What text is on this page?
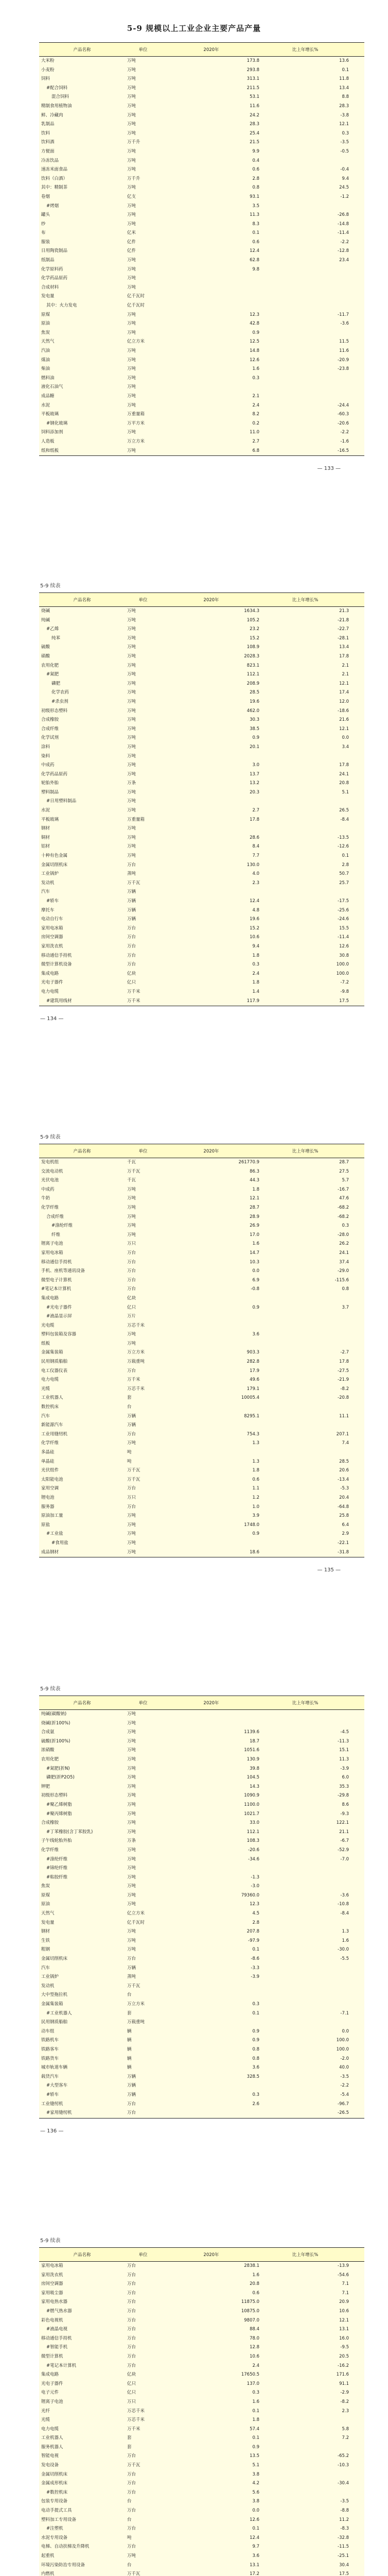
5-9 规模以上工业企业主要产品产量
产品名称	单位	2020年	比上年增长%
大米粉	万吨	173.8	13.6
小麦粉	万吨	293.8	0.1
饲料	万吨	313.1	11.8
#配合饲料	万吨	211.5	13.4
混合饲料	万吨	53.1	8.8
精制食用植物油	万吨	11.6	28.3
鲜、冷藏肉	万吨	24.2	-3.8
乳制品	万吨	28.3	12.1
饮料	万吨	25.4	0.3
饮料酒	万千升	21.5	-3.5
方便面	万吨	9.9	-0.5
冷冻饮品	万吨	0.4	
速冻米面食品	万吨	0.6	-0.4
饮料（白酒）	万千升	2.8	9.4
其中：精制茶	万吨	0.8	24.5
卷烟	亿支	93.1	-1.2
#烤烟	万吨	3.5	
罐头	万吨	11.3	-26.8
纱	万吨	8.3	-14.8
布	亿米	0.1	-11.4
服装	亿件	0.6	-2.2
日用陶瓷制品	亿件	12.4	-12.8
纸制品	万吨	62.8	23.4
化学原料药	万吨	9.8	
化学药品原药	万吨		
合成材料	万吨		
发电量	亿千瓦时		
其中：火力发电	亿千瓦时		
原煤	万吨	12.3	-11.7
原油	万吨	42.8	-3.6
焦炭	万吨	0.9	
天然气	亿立方米	12.5	11.5
汽油	万吨	14.8	11.6
煤油	万吨	12.6	-20.9
柴油	万吨	1.6	-23.8
燃料油	万吨	0.3	
液化石油气	万吨		
成品糖	万吨	2.1	
水泥	万吨	2.4	-24.4
平板玻璃	万重量箱	8.2	-60.3
#钢化玻璃	万平方米	0.2	-20.6
饲料添加剂	万吨	11.0	-2.2
人造板	万立方米	2.7	-1.6
纸和纸板	万吨	6.8	-16.5
— 133 —
5-9 续表
产品名称	单位	2020年	比上年增长%
烧碱	万吨	1634.3	21.3
纯碱	万吨	105.2	-21.8
#乙烯	万吨	23.2	-22.7
纯苯	万吨	15.2	-28.1
硫酸	万吨	108.9	13.4
硝酸	万吨	2028.3	17.8
农用化肥	万吨	823.1	2.1
#氮肥	万吨	112.1	2.1
磷肥	万吨	208.9	12.1
化学农药	万吨	28.5	17.4
#杀虫剂	万吨	19.6	12.0
初级形态塑料	万吨	462.0	-18.6
合成橡胶	万吨	30.3	21.6
合成纤维	万吨	38.5	12.1
化学试剂	万吨	0.9	0.0
涂料	万吨	20.1	3.4
染料	万吨		
中成药	万吨	3.0	17.8
化学药品原药	万吨	13.7	24.1
轮胎外胎	万条	13.2	20.8
塑料制品	万吨	20.3	5.1
#日用塑料制品	万吨		
水泥	万吨	2.7	26.5
平板玻璃	万重量箱	17.8	-8.4
钢材	万吨		
铜材	万吨	28.6	-13.5
铝材	万吨	8.4	-12.6
十种有色金属	万吨	7.7	0.1
金属切削机床	万台	130.0	2.8
工业锅炉	蒸吨	4.0	50.7
发动机	万千瓦	2.3	25.7
汽车	万辆		
#轿车	万辆	12.4	-17.5
摩托车	万辆	4.8	-25.6
电动自行车	万辆	19.6	-24.6
家用电冰箱	万台	15.2	15.5
房间空调器	万台	10.6	-11.4
家用洗衣机	万台	9.4	12.6
移动通信手持机	万台	1.8	30.8
微型计算机设备	万台	0.3	100.0
集成电路	亿块	2.4	100.0
光电子器件	亿只	1.8	-7.2
电力电缆	万千米	1.4	-9.8
#建筑用线材	万千米	117.9	17.5
— 134 —
5-9 续表
产品名称	单位	2020年	比上年增长%
发电机组	千瓦	261770.9	28.7
交流电动机	万千瓦	86.3	27.5
光伏电池	千瓦	44.3	5.7
中成药	万吨	1.8	-16.7
牛奶	万吨	12.1	47.6
化学纤维	万吨	28.7	-68.2
合成纤维	万吨	28.9	-68.2
#涤纶纤维	万吨	26.9	0.3
纤维	万吨	17.0	-28.0
锂离子电池	万只	1.6	26.2
家用电冰箱	万台	14.7	24.1
移动通信手持机	万台	10.3	37.4
手机、座机等通讯设备	万台	0.0	-29.0
微型电子计算机	万台	6.9	-115.6
#笔记本计算机	万台	-0.8	0.8
集成电路	亿块		
#光电子器件	亿只	0.9	3.7
#液晶显示屏	万片		
光电缆	万芯千米		
塑料包装箱及容器	万吨	3.6	
纸板	万吨		
金属集装箱	万立方米	903.3	-2.7
民用钢质船舶	万载重吨	282.8	17.8
电工仪器仪表	万台	17.9	-27.5
电力电缆	万千米	49.6	-21.9
光缆	万芯千米	179.1	-8.2
工业机器人	套	10005.4	-20.8
数控机床	台		
汽车	万辆	8295.1	11.1
新能源汽车	万辆		
工业用缝纫机	万台	754.3	207.1
化学纤维	万吨	1.3	7.4
多晶硅	吨		
单晶硅	吨	1.3	28.5
光伏组件	万千瓦	1.8	20.6
太阳能电池	万千瓦	0.6	-13.4
家用空调	万台	1.1	-5.3
锂电池	万只	1.2	20.4
服务器	万台	1.0	-64.8
原油加工量	万吨	3.9	25.8
原盐	万吨	1748.0	6.4
#工业盐	万吨	0.9	2.9
#食用盐	万吨		-22.1
成品钢材	万吨	18.6	-31.8
— 135 —
5-9 续表
产品名称	单位	2020年	比上年增长%
纯碱(碳酸钠)	万吨		
烧碱(折100%)	万吨		
合成氨	万吨	1139.6	-4.5
硫酸(折100%)	万吨	18.7	-11.3
浓硝酸	万吨	1051.6	15.1
农用化肥	万吨	130.9	11.3
#氮肥(折N)	万吨	39.8	-3.9
磷肥(折P2O5)	万吨	104.5	6.0
钾肥	万吨	14.3	35.3
初级形态塑料	万吨	1090.9	-29.8
#聚乙烯树脂	万吨	1100.0	8.6
#聚丙烯树脂	万吨	1021.7	-9.3
合成橡胶	万吨	33.0	122.1
#丁苯橡胶(含丁苯胶乳)	万吨	112.1	21.1
子午线轮胎外胎	万条	108.3	-6.7
化学纤维	万吨	-20.6	-52.9
#涤纶纤维	万吨	-34.6	-7.0
#锦纶纤维	万吨		
#粘胶纤维	万吨	-1.3	
焦炭	万吨	-3.0	
原煤	万吨	79360.0	-3.6
原油	万吨	12.3	-10.8
天然气	亿立方米	4.5	-8.4
发电量	亿千瓦时	2.8	
钢材	万吨	207.8	1.3
生铁	万吨	-97.9	1.6
粗钢	万吨	0.1	-30.0
金属切削机床	万台	-8.6	-5.5
汽车	万辆	-3.3	
工业锅炉	蒸吨	-3.9	
发动机	万千瓦		
大中型拖拉机	台		
金属集装箱	万立方米	0.3	
#工业机器人	套	0.1	-7.1
民用钢质船舶	万载重吨		
动车组	辆	0.9	0.0
铁路机车	辆	0.9	100.0
铁路客车	辆	0.8	100.0
铁路货车	辆	0.8	-2.0
城市轨道车辆	辆	3.6	40.0
载货汽车	万辆	328.5	-3.5
#大型客车	万辆		-2.2
#轿车	万辆	0.3	-5.4
工业缝纫机	万台	2.6	-96.7
#家用缝纫机	万台		-26.5
— 136 —
5-9 续表
产品名称	单位	2020年	比上年增长%
家用电冰箱	万台	2838.1	-13.9
家用洗衣机	万台	1.6	-54.6
房间空调器	万台	20.8	7.1
家用吸尘器	万台	0.6	7.1
家用电热水器	万台	11875.0	20.9
#燃气热水器	万台	10875.0	10.6
彩色电视机	万台	9807.0	12.1
#液晶电视	万台	88.4	13.1
移动通信手持机	万台	78.0	16.0
#智能手机	万台	12.8	-9.5
微型计算机	万台	10.6	20.5
#笔记本计算机	万台	2.4	-16.2
集成电路	亿块	17650.5	171.6
光电子器件	亿只	137.0	91.1
电子元件	亿只	0.3	-2.9
锂离子电池	万只	1.6	-8.2
光纤	万芯千米	0.1	2.3
光缆	万芯千米	1.8	
电力电缆	万千米	57.4	5.8
工业机器人	套	0.1	7.2
服务机器人	套	0.9	
智能电视	万台	13.5	-65.2
发电设备	万千瓦	5.1	-10.3
金属切削机床	万台	3.8	
金属成形机床	万台	4.2	-30.4
#数控机床	万台	5.6	
包装专用设备	台	3.8	-3.5
电动手提式工具	万台	0.0	-8.8
塑料加工专用设备	台	12.6	11.2
#注塑机	万台	0.1	-8.3
水泥专用设备	吨	12.4	-32.8
电梯、自动扶梯及升降机	万台	9.7	-11.5
起重机	万吨	3.6	-25.1
环境污染防治专用设备	台	13.1	30.4
内燃机	万千瓦	17.2	17.5
